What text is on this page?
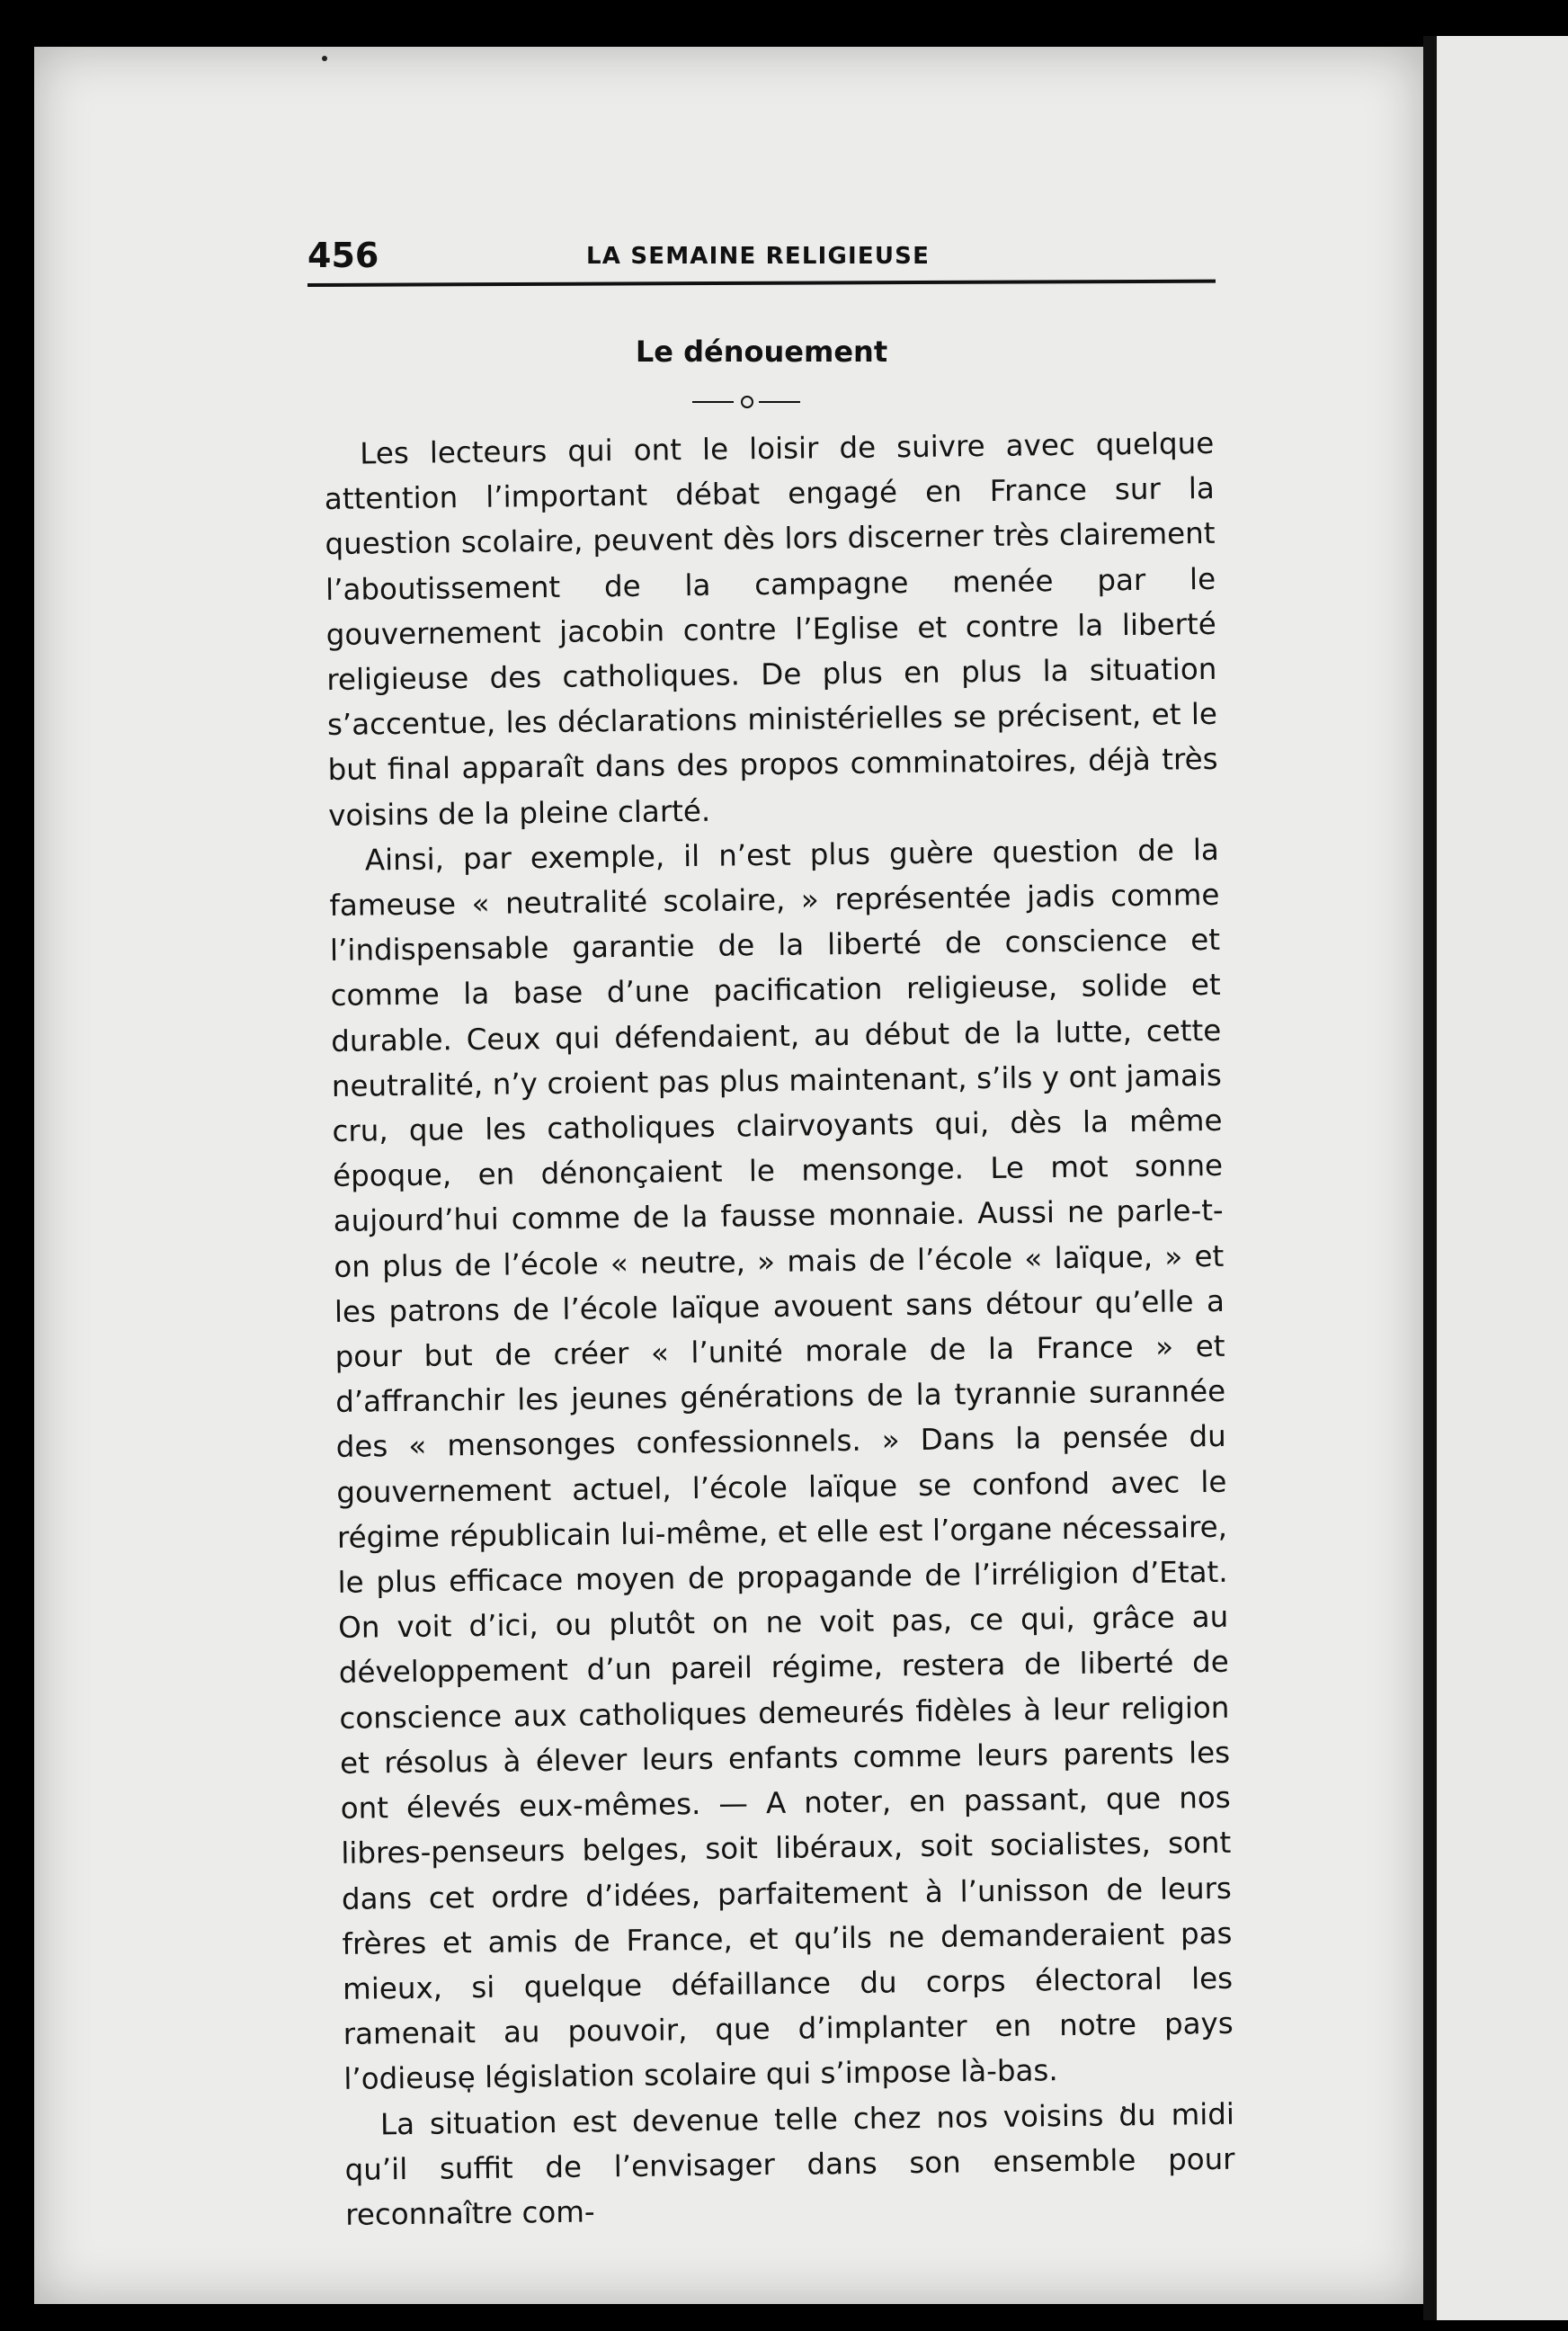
456	LA SEMAINE RELIGIEUSE
Le dénouement

Les lecteurs qui ont le loisir de suivre avec quelque attention l’important débat engagé en France sur la question scolaire, peuvent dès lors discerner très clairement l’aboutissement de la campagne menée par le gouvernement jacobin contre l’Eglise et contre la liberté religieuse des catholiques. De plus en plus la situation s’accentue, les déclarations ministérielles se précisent, et le but final apparaît dans des propos comminatoires, déjà très voisins de la pleine clarté.

Ainsi, par exemple, il n’est plus guère question de la fameuse « neutralité scolaire, » représentée jadis comme l’indispensable garantie de la liberté de conscience et comme la base d’une pacification religieuse, solide et durable. Ceux qui défendaient, au début de la lutte, cette neutralité, n’y croient pas plus maintenant, s’ils y ont jamais cru, que les catholiques clairvoyants qui, dès la même époque, en dénonçaient le mensonge. Le mot sonne aujourd’hui comme de la fausse monnaie. Aussi ne parle-t-on plus de l’école « neutre, » mais de l’école « laïque, » et les patrons de l’école laïque avouent sans détour qu’elle a pour but de créer « l’unité morale de la France » et d’affranchir les jeunes générations de la tyrannie surannée des « mensonges confessionnels. » Dans la pensée du gouvernement actuel, l’école laïque se confond avec le régime républicain lui-même, et elle est l’organe nécessaire, le plus efficace moyen de propagande de l’irréligion d’Etat. On voit d’ici, ou plutôt on ne voit pas, ce qui, grâce au développement d’un pareil régime, restera de liberté de conscience aux catholiques demeurés fidèles à leur religion et résolus à élever leurs enfants comme leurs parents les ont élevés eux-mêmes. — A noter, en passant, que nos libres-penseurs belges, soit libéraux, soit socialistes, sont dans cet ordre d’idées, parfaitement à l’unisson de leurs frères et amis de France, et qu’ils ne demanderaient pas mieux, si quelque défaillance du corps électoral les ramenait au pouvoir, que d’implanter en notre pays l’odieuse législation scolaire qui s’impose là-bas.

La situation est devenue telle chez nos voisins du midi qu’il suffit de l’envisager dans son ensemble pour reconnaître com-
